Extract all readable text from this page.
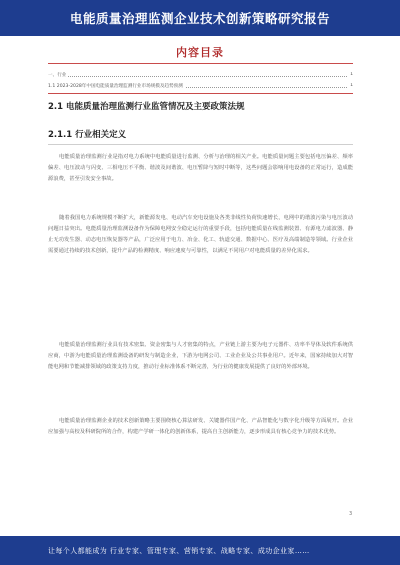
电能质量治理监测企业技术创新策略研究报告
内容目录
一、行业	1
1.1 2023-2028年中国电能质量治理监测行业市场规模及趋势预测	1
2.1 电能质量治理监测行业监管情况及主要政策法规
2.1.1 行业相关定义
电能质量治理监测行业是指对电力系统中电能质量进行监测、分析与治理的相关产业。电能质量问题主要包括电压偏差、频率偏差、电压波动与闪变、三相电压不平衡、谐波及间谐波、电压暂降与短时中断等，这些问题会影响用电设备的正常运行，造成能源浪费，甚至引发安全事故。
随着我国电力系统规模不断扩大，新能源发电、电动汽车充电设施及各类非线性负荷快速增长，电网中的谐波污染与电压波动问题日益突出。电能质量治理监测设备作为保障电网安全稳定运行的重要手段，包括电能质量在线监测装置、有源电力滤波器、静止无功发生器、动态电压恢复器等产品，广泛应用于电力、冶金、化工、轨道交通、数据中心、医疗及高端制造等领域。行业企业需要通过持续的技术创新，提升产品的检测精度、响应速度与可靠性，以满足不同用户对电能质量的差异化需求。
电能质量治理监测行业具有技术密集、资金密集与人才密集的特点，产业链上游主要为电子元器件、功率半导体及软件系统供应商，中游为电能质量治理监测设备的研发与制造企业，下游为电网公司、工业企业及公共事业用户。近年来，国家持续加大对智能电网和节能减排领域的政策支持力度，推动行业标准体系不断完善，为行业的健康发展提供了良好的外部环境。
电能质量治理监测企业的技术创新策略主要围绕核心算法研发、关键器件国产化、产品智能化与数字化升级等方面展开。企业应加强与高校及科研院所的合作，构建产学研一体化的创新体系，提高自主创新能力，逐步形成具有核心竞争力的技术优势。
3
让每个人都能成为 行业专家、管理专家、营销专家、战略专家、成功企业家……
